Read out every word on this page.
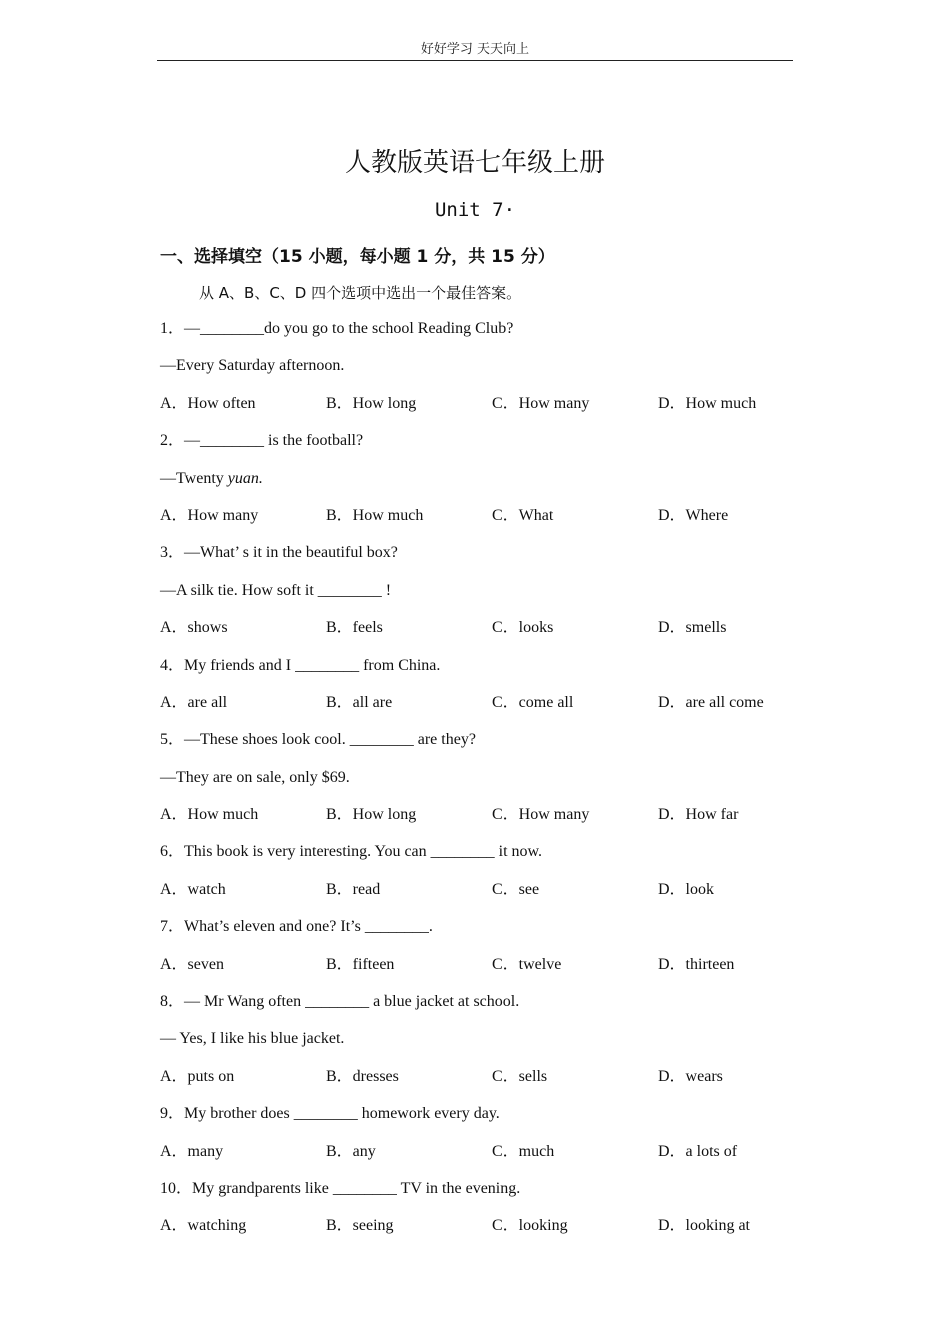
好好学习 天天向上
人教版英语七年级上册
Unit 7·
一、选择填空（15 小题，每小题 1 分，共 15 分）
从 A、B、C、D 四个选项中选出一个最佳答案。
1．—________do you go to the school Reading Club?
—Every Saturday afternoon.
A．How often	B．How long	C．How many	D．How much
2．—________ is the football?
—Twenty yuan.
A．How many	B．How much	C．What	D．Where
3．—What’ s it in the beautiful box?
—A silk tie. How soft it ________ !
A．shows	B．feels	C．looks	D．smells
4．My friends and I ________ from China.
A．are all	B．all are	C．come all	D．are all come
5．—These shoes look cool. ________ are they?
—They are on sale, only $69.
A．How much	B．How long	C．How many	D．How far
6．This book is very interesting. You can ________ it now.
A．watch	B．read	C．see	D．look
7．What’s eleven and one? It’s ________.
A．seven	B．fifteen	C．twelve	D．thirteen
8．— Mr Wang often ________ a blue jacket at school.
— Yes, I like his blue jacket.
A．puts on	B．dresses	C．sells	D．wears
9．My brother does ________ homework every day.
A．many	B．any	C．much	D．a lots of
10．My grandparents like ________ TV in the evening.
A．watching	B．seeing	C．looking	D．looking at
